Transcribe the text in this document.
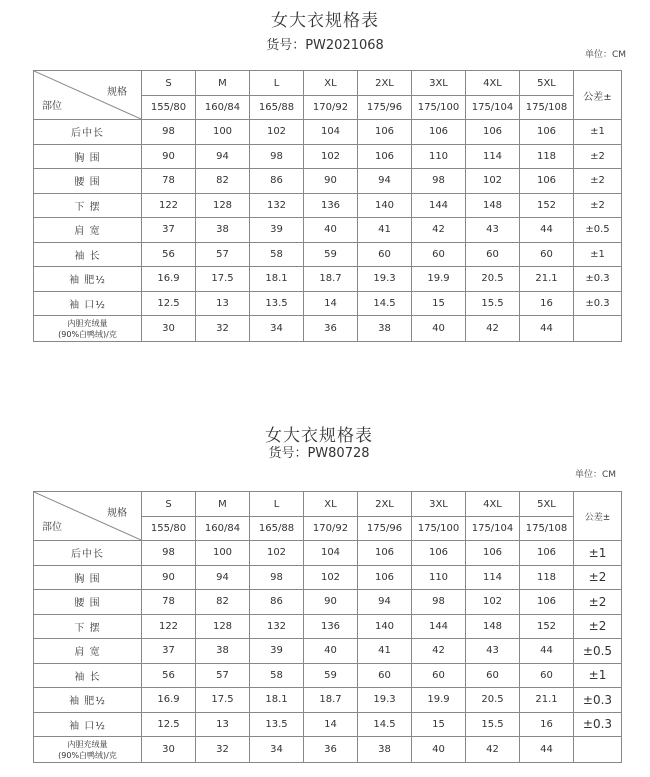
女大衣规格表
货号：PW2021068
单位：CM
规格
部位	S	M	L	XL	2XL	3XL	4XL	5XL	公差±
	155/80	160/84	165/88	170/92	175/96	175/100	175/104	175/108	
后中长	98	100	102	104	106	106	106	106	±1
胸 围	90	94	98	102	106	110	114	118	±2
腰 围	78	82	86	90	94	98	102	106	±2
下 摆	122	128	132	136	140	144	148	152	±2
肩 宽	37	38	39	40	41	42	43	44	±0.5
袖 长	56	57	58	59	60	60	60	60	±1
袖 肥½	16.9	17.5	18.1	18.7	19.3	19.9	20.5	21.1	±0.3
袖 口½	12.5	13	13.5	14	14.5	15	15.5	16	±0.3

内胆充绒量
(90%白鸭绒)/克	30	32	34	36	38	40	42	44	
女大衣规格表
货号：PW80728
单位：CM
规格
部位	S	M	L	XL	2XL	3XL	4XL	5XL	公差±
	155/80	160/84	165/88	170/92	175/96	175/100	175/104	175/108	
后中长	98	100	102	104	106	106	106	106	±1
胸 围	90	94	98	102	106	110	114	118	±2
腰 围	78	82	86	90	94	98	102	106	±2
下 摆	122	128	132	136	140	144	148	152	±2
肩 宽	37	38	39	40	41	42	43	44	±0.5
袖 长	56	57	58	59	60	60	60	60	±1
袖 肥½	16.9	17.5	18.1	18.7	19.3	19.9	20.5	21.1	±0.3
袖 口½	12.5	13	13.5	14	14.5	15	15.5	16	±0.3

内胆充绒量
(90%白鸭绒)/克	30	32	34	36	38	40	42	44	
